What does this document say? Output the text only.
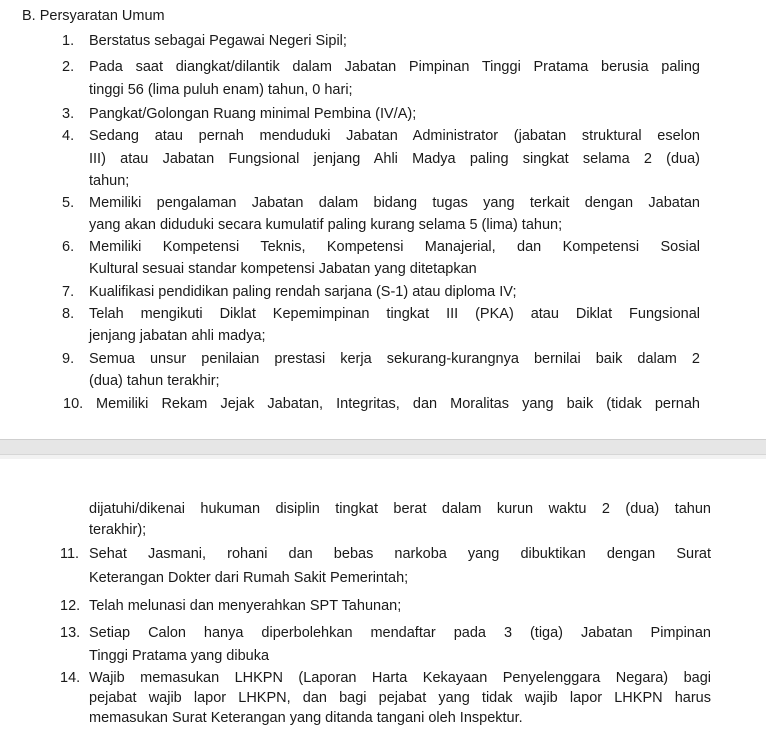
B. Persyaratan Umum
1. Berstatus sebagai Pegawai Negeri Sipil;
2. Pada saat diangkat/dilantik dalam Jabatan Pimpinan Tinggi Pratama berusia paling
tinggi 56 (lima puluh enam) tahun, 0 hari;
3. Pangkat/Golongan Ruang minimal Pembina (IV/A);
4. Sedang atau pernah menduduki Jabatan Administrator (jabatan struktural eselon
III) atau Jabatan Fungsional jenjang Ahli Madya paling singkat selama 2 (dua)
tahun;
5. Memiliki pengalaman Jabatan dalam bidang tugas yang terkait dengan Jabatan
yang akan diduduki secara kumulatif paling kurang selama 5 (lima) tahun;
6. Memiliki Kompetensi Teknis, Kompetensi Manajerial, dan Kompetensi Sosial
Kultural sesuai standar kompetensi Jabatan yang ditetapkan
7. Kualifikasi pendidikan paling rendah sarjana (S-1) atau diploma IV;
8. Telah mengikuti Diklat Kepemimpinan tingkat III (PKA) atau Diklat Fungsional
jenjang jabatan ahli madya;
9. Semua unsur penilaian prestasi kerja sekurang-kurangnya bernilai baik dalam 2
(dua) tahun terakhir;
10. Memiliki Rekam Jejak Jabatan, Integritas, dan Moralitas yang baik (tidak pernah
dijatuhi/dikenai hukuman disiplin tingkat berat dalam kurun waktu 2 (dua) tahun
terakhir);
11. Sehat Jasmani, rohani dan bebas narkoba yang dibuktikan dengan Surat
Keterangan Dokter dari Rumah Sakit Pemerintah;
12. Telah melunasi dan menyerahkan SPT Tahunan;
13. Setiap Calon hanya diperbolehkan mendaftar pada 3 (tiga) Jabatan Pimpinan
Tinggi Pratama yang dibuka
14. Wajib memasukan LHKPN (Laporan Harta Kekayaan Penyelenggara Negara) bagi
pejabat wajib lapor LHKPN, dan bagi pejabat yang tidak wajib lapor LHKPN harus
memasukan Surat Keterangan yang ditanda tangani oleh Inspektur.
